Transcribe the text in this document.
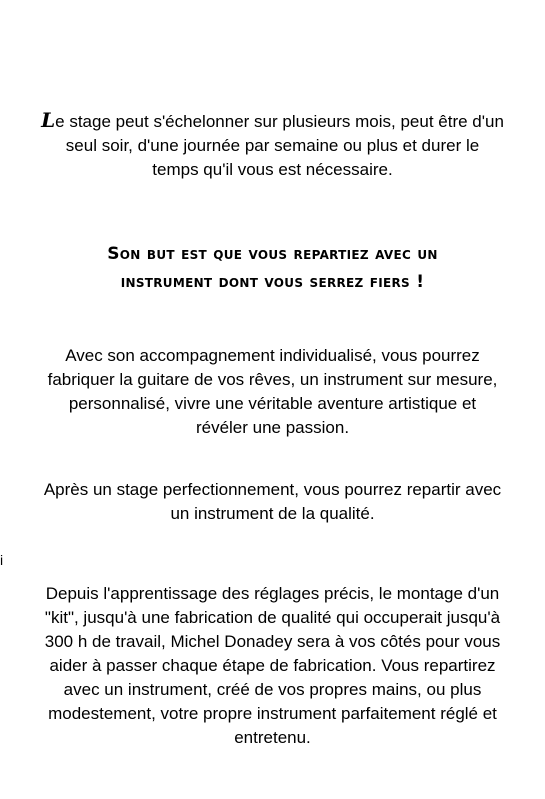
Le stage peut s'échelonner sur plusieurs mois, peut être d'un
seul soir, d'une journée par semaine ou plus et durer le
temps qu'il vous est nécessaire.

Son but est que vous repartiez avec un
instrument dont vous serrez fiers !

Avec son accompagnement individualisé, vous pourrez
fabriquer la guitare de vos rêves, un instrument sur mesure,
personnalisé, vivre une véritable aventure artistique et
révéler une passion.

Après un stage perfectionnement, vous pourrez repartir avec
un instrument de la qualité.

i

Depuis l'apprentissage des réglages précis, le montage d'un
"kit", jusqu'à une fabrication de qualité qui occuperait jusqu'à
300 h de travail, Michel Donadey sera à vos côtés pour vous
aider à passer chaque étape de fabrication. Vous repartirez
avec un instrument, créé de vos propres mains, ou plus
modestement, votre propre instrument parfaitement réglé et
entretenu.
